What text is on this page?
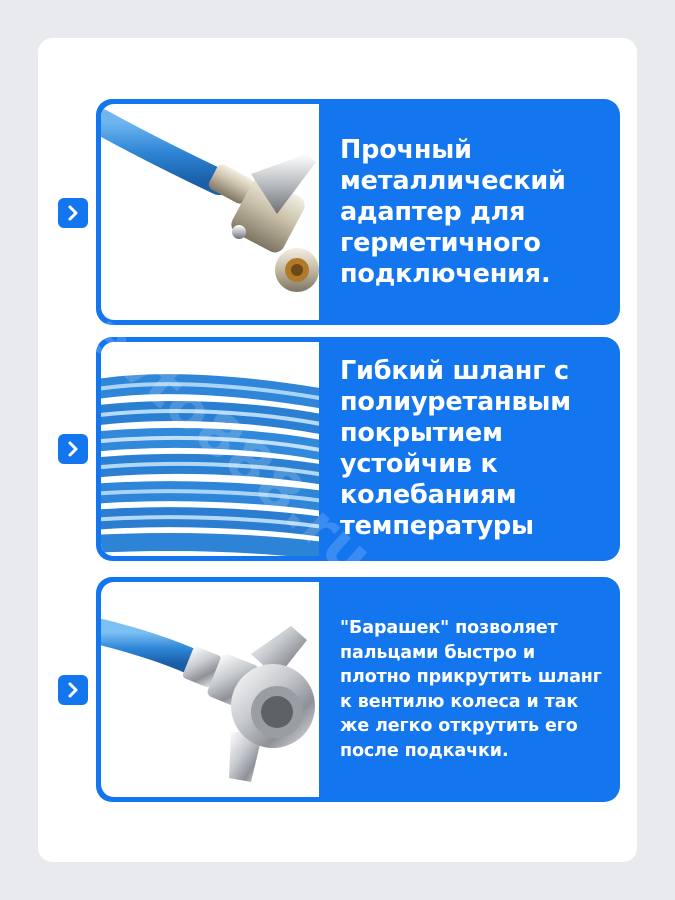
Прочный металлический адаптер для герметичного подключения.

Гибкий шланг с полиуретанвым покрытием устойчив к колебаниям температуры

"Барашек" позволяет пальцами быстро и плотно прикрутить шланг к вентилю колеса и так же легко открутить его после подкачки.
